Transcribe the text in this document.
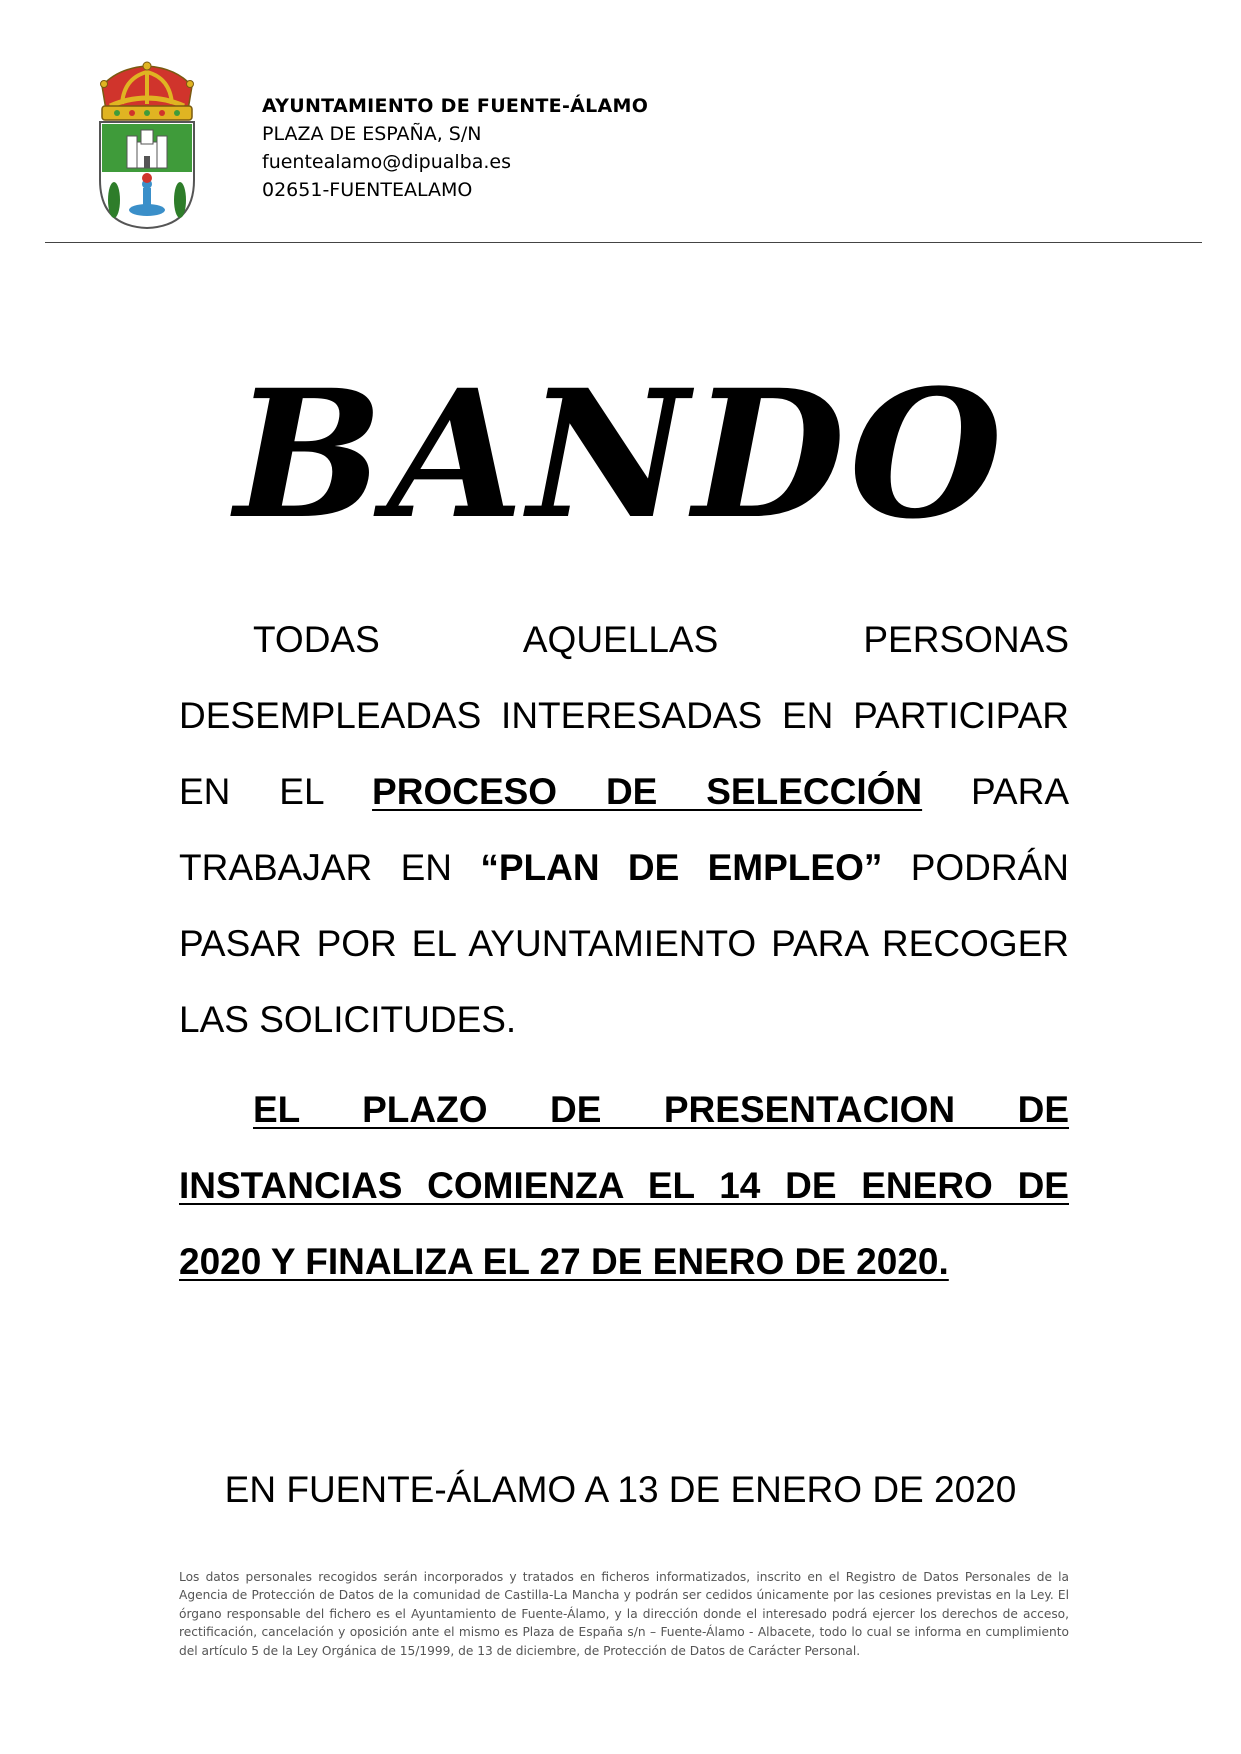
AYUNTAMIENTO DE FUENTE-ÁLAMO
PLAZA DE ESPAÑA, S/N
fuentealamo@dipualba.es
02651-FUENTEALAMO
BANDO

TODAS AQUELLAS PERSONAS DESEMPLEADAS INTERESADAS EN PARTICIPAR EN EL PROCESO DE SELECCIÓN PARA TRABAJAR EN “PLAN DE EMPLEO” PODRÁN PASAR POR EL AYUNTAMIENTO PARA RECOGER LAS SOLICITUDES.

EL PLAZO DE PRESENTACION DE INSTANCIAS COMIENZA EL 14 DE ENERO DE 2020 Y FINALIZA EL 27 DE ENERO DE 2020.

EN FUENTE-ÁLAMO A 13 DE ENERO DE 2020
Los datos personales recogidos serán incorporados y tratados en ficheros informatizados, inscrito en el Registro de Datos Personales de la Agencia de Protección de Datos de la comunidad de Castilla-La Mancha y podrán ser cedidos únicamente por las cesiones previstas en la Ley. El órgano responsable del fichero es el Ayuntamiento de Fuente-Álamo, y la dirección donde el interesado podrá ejercer los derechos de acceso, rectificación, cancelación y oposición ante el mismo es Plaza de España s/n – Fuente-Álamo - Albacete, todo lo cual se informa en cumplimiento del artículo 5 de la Ley Orgánica de 15/1999, de 13 de diciembre, de Protección de Datos de Carácter Personal.
